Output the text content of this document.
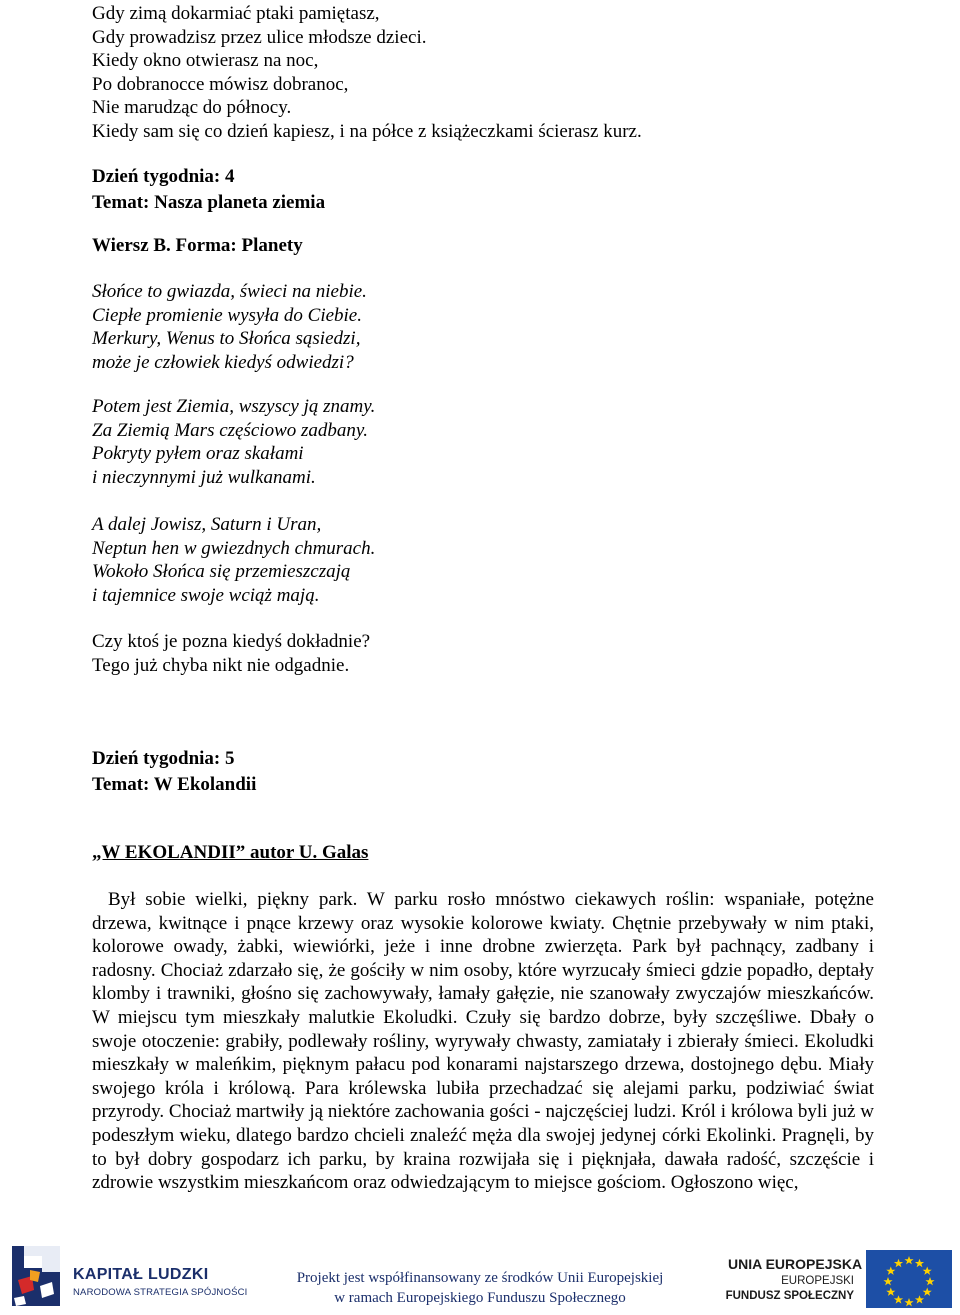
Gdy zimą dokarmiać ptaki pamiętasz,
Gdy prowadzisz przez ulice młodsze dzieci.
Kiedy okno otwierasz na noc,
Po dobranocce mówisz dobranoc,
Nie marudząc do północy.
Kiedy sam się co dzień kapiesz, i na półce z książeczkami ścierasz kurz.
Dzień tygodnia: 4
Temat: Nasza planeta ziemia
Wiersz B. Forma: Planety
Słońce to gwiazda, świeci na niebie.
Ciepłe promienie wysyła do Ciebie.
Merkury, Wenus to Słońca sąsiedzi,
może je człowiek kiedyś odwiedzi?
Potem jest Ziemia, wszyscy ją znamy.
Za Ziemią Mars częściowo zadbany.
Pokryty pyłem oraz skałami
i nieczynnymi już wulkanami.
A dalej Jowisz, Saturn i Uran,
Neptun hen w gwiezdnych chmurach.
Wokoło Słońca się przemieszczają
i tajemnice swoje wciąż mają.
Czy ktoś je pozna kiedyś dokładnie?
Tego już chyba nikt nie odgadnie.
Dzień tygodnia: 5
Temat: W Ekolandii
„W EKOLANDII” autor U. Galas

Był sobie wielki, piękny park. W parku rosło mnóstwo ciekawych roślin: wspaniałe, potężne drzewa, kwitnące i pnące krzewy oraz wysokie kolorowe kwiaty. Chętnie przebywały w nim ptaki, kolorowe owady, żabki, wiewiórki, jeże i inne drobne zwierzęta. Park był pachnący, zadbany i radosny. Chociaż zdarzało się, że gościły w nim osoby, które wyrzucały śmieci gdzie popadło, deptały klomby i trawniki, głośno się zachowywały, łamały gałęzie, nie szanowały zwyczajów mieszkańców. W miejscu tym mieszkały malutkie Ekoludki. Czuły się bardzo dobrze, były szczęśliwe. Dbały o swoje otoczenie: grabiły, podlewały rośliny, wyrywały chwasty, zamiatały i zbierały śmieci. Ekoludki mieszkały w maleńkim, pięknym pałacu pod konarami najstarszego drzewa, dostojnego dębu. Miały swojego króla i królową. Para królewska lubiła przechadzać się alejami parku, podziwiać świat przyrody. Chociaż martwiły ją niektóre zachowania gości - najczęściej ludzi. Król i królowa byli już w podeszłym wieku, dlatego bardzo chcieli znaleźć męża dla swojej jedynej córki Ekolinki. Pragnęli, by to był dobry gospodarz ich parku, by kraina rozwijała się i pięknjała, dawała radość, szczęście i zdrowie wszystkim mieszkańcom oraz odwiedzającym to miejsce gościom. Ogłoszono więc,

KAPITAŁ LUDZKI
NARODOWA STRATEGIA SPÓJNOŚCI
Projekt jest współfinansowany ze środków Unii Europejskiej
w ramach Europejskiego Funduszu Społecznego
UNIA EUROPEJSKA
EUROPEJSKI
FUNDUSZ SPOŁECZNY
